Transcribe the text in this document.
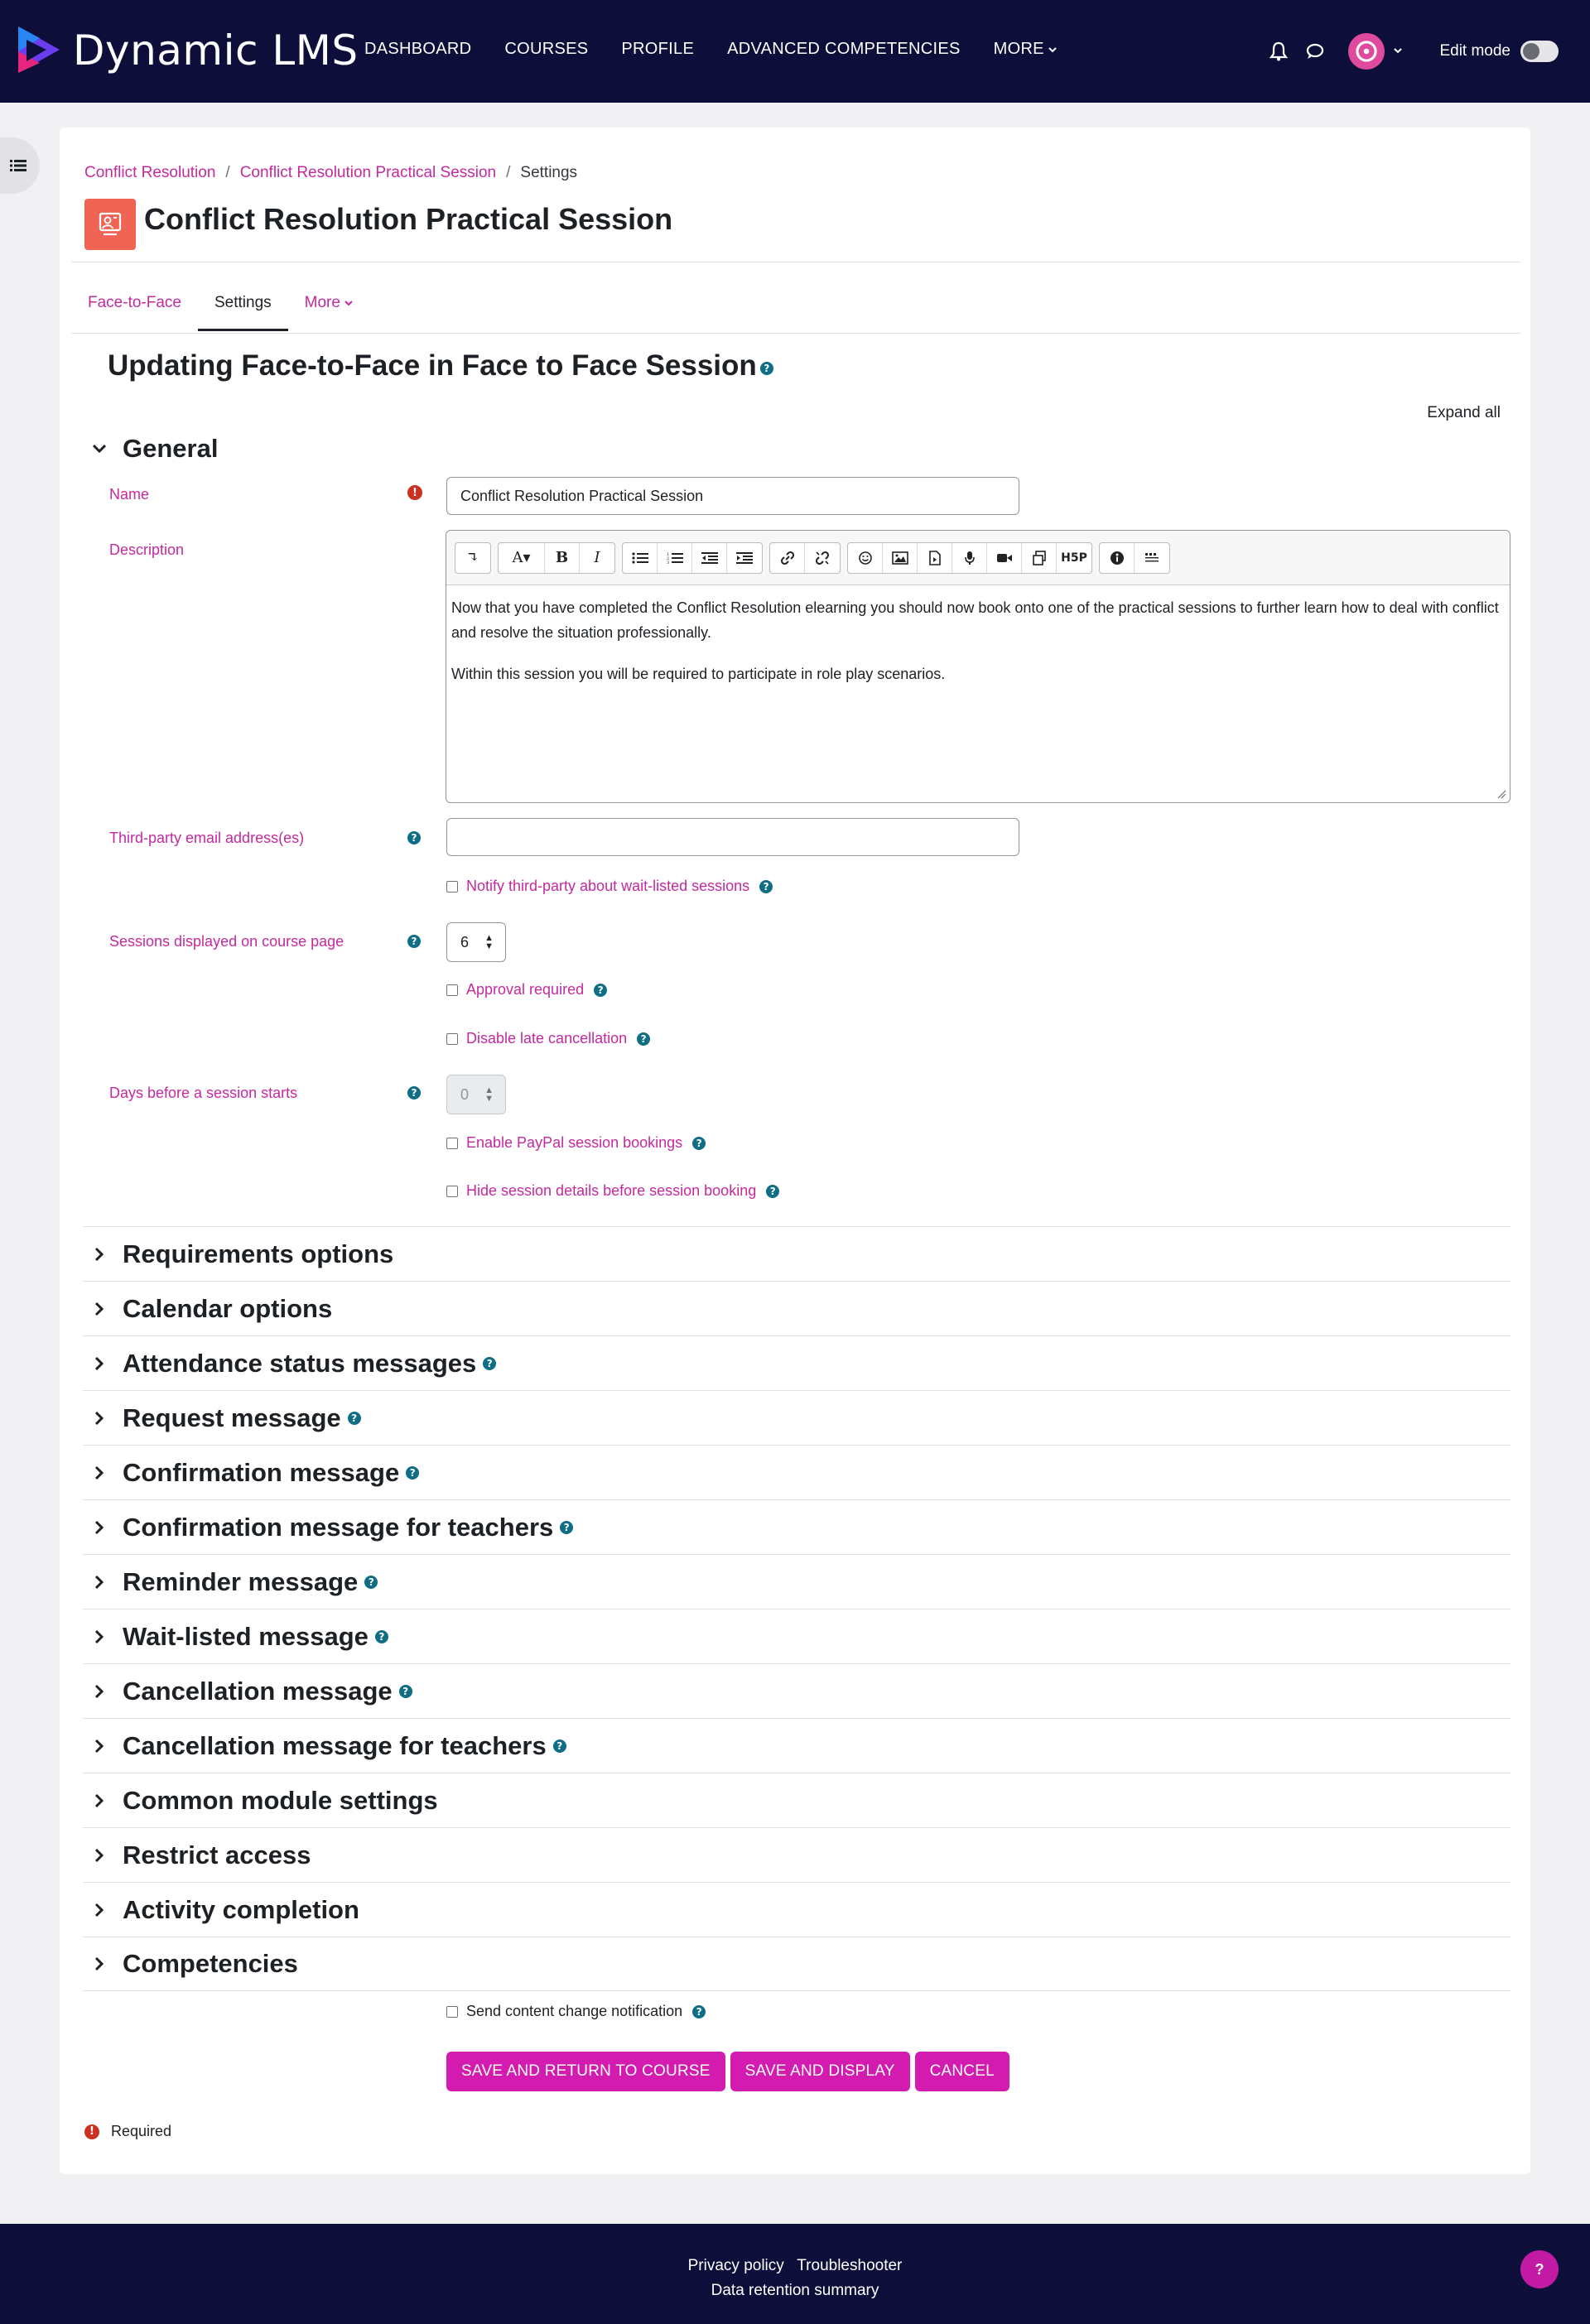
Dynamic LMS DASHBOARD COURSES PROFILE ADVANCED COMPETENCIES MORE	Edit mode
Conflict Resolution / Conflict Resolution Practical Session / Settings
Conflict Resolution Practical Session
Face-to-Face	Settings	More
Updating Face-to-Face in Face to Face Session ?
Expand all
General
Name	!
Conflict Resolution Practical Session
Description	↴	A▾	B	I	1
2
3	H5P

Now that you have completed the Conflict Resolution elearning you should now book onto one of the practical sessions to further learn how to deal with conflict and resolve the situation professionally.

Within this session you will be required to participate in role play scenarios.

Third-party email address(es)	?
Notify third-party about wait-listed sessions	?
Sessions displayed on course page	?	6 ▲
▼
Approval required	?
Disable late cancellation	?
Days before a session starts	?	0 ▲
▼
Enable PayPal session bookings	?
Hide session details before session booking	?
Requirements options
Calendar options
Attendance status messages	?
Request message	?
Confirmation message	?
Confirmation message for teachers	?
Reminder message	?
Wait-listed message	?
Cancellation message	?
Cancellation message for teachers	?
Common module settings
Restrict access
Activity completion
Competencies
Send content change notification	?
SAVE AND RETURN TO COURSE	SAVE AND DISPLAY	CANCEL
!	Required
Privacy policy Troubleshooter
Data retention summary
?
